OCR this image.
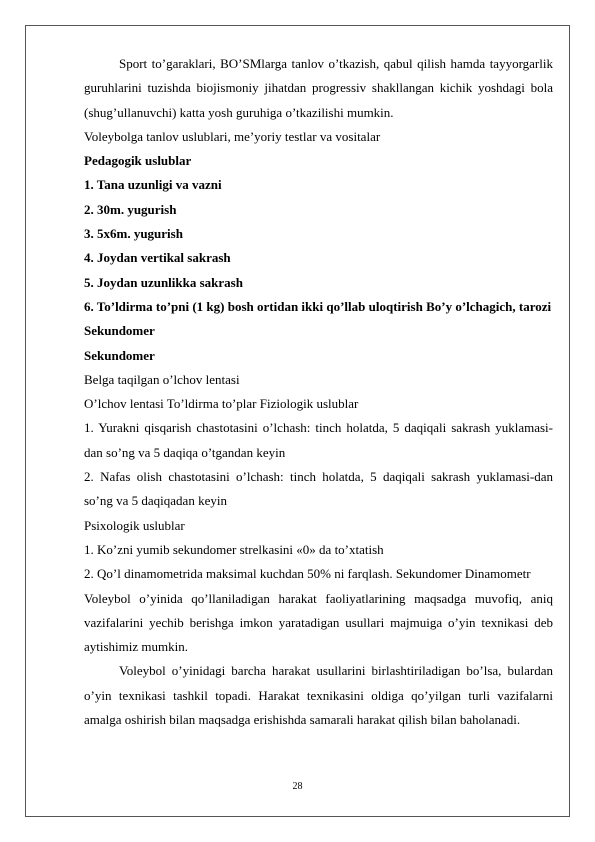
Sport to’garaklari, BO’SMlarga tanlov o’tkazish, qabul qilish hamda tayyorgarlik guruhlarini tuzishda biojismoniy jihatdan progressiv shakllangan kichik yoshdagi bola (shug’ullanuvchi) katta yosh guruhiga o’tkazilishi mumkin.

Voleybolga tanlov uslublari, me’yoriy testlar va vositalar

Pedagogik uslublar

1. Tana uzunligi va vazni

2. 30m. yugurish

3. 5x6m. yugurish

4. Joydan vertikal sakrash

5. Joydan uzunlikka sakrash

6. To’ldirma to’pni (1 kg) bosh ortidan ikki qo’llab uloqtirish Bo’y o’lchagich, tarozi Sekundomer

Sekundomer

Belga taqilgan o’lchov lentasi

O’lchov lentasi To’ldirma to’plar Fiziologik uslublar

1. Yurakni qisqarish chastotasini o’lchash: tinch holatda, 5 daqiqali sakrash yuklamasi-dan so’ng va 5 daqiqa o’tgandan keyin

2. Nafas olish chastotasini o’lchash: tinch holatda, 5 daqiqali sakrash yuklamasi-dan so’ng va 5 daqiqadan keyin

Psixologik uslublar

1. Ko’zni yumib sekundomer strelkasini «0» da to’xtatish

2. Qo’l dinamometrida maksimal kuchdan 50% ni farqlash. Sekundomer Dinamometr

Voleybol o’yinida qo’llaniladigan harakat faoliyatlarining maqsadga muvofiq, aniq vazifalarini yechib berishga imkon yaratadigan usullari majmuiga o’yin texnikasi deb aytishimiz mumkin.

Voleybol o’yinidagi barcha harakat usullarini birlashtiriladigan bo’lsa, bulardan o’yin texnikasi tashkil topadi. Harakat texnikasini oldiga qo’yilgan turli vazifalarni amalga oshirish bilan maqsadga erishishda samarali harakat qilish bilan baholanadi.

28
